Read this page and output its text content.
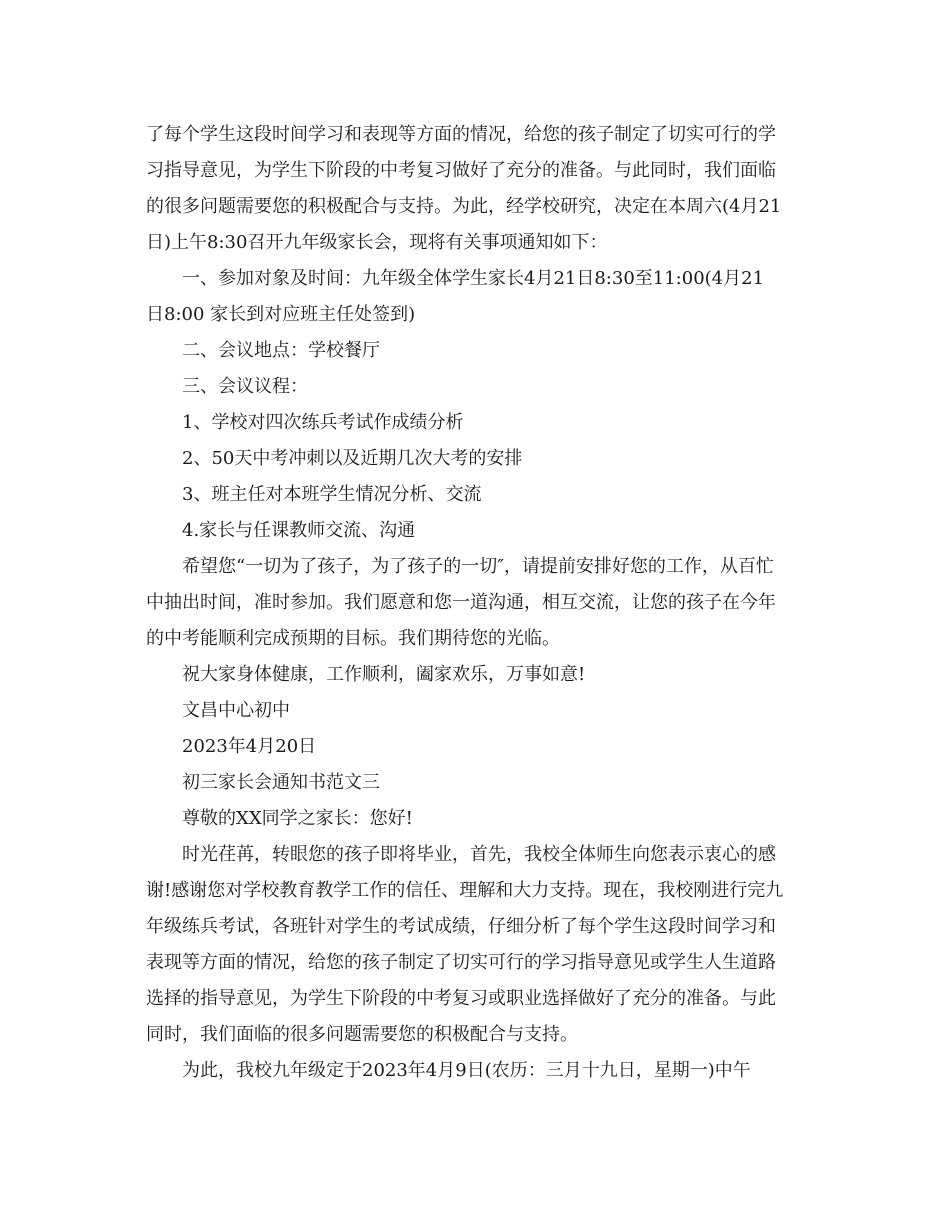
了每个学生这段时间学习和表现等方面的情况，给您的孩子制定了切实可行的学

习指导意见，为学生下阶段的中考复习做好了充分的准备。与此同时，我们面临

的很多问题需要您的积极配合与支持。为此，经学校研究，决定在本周六(4月21

日)上午8:30召开九年级家长会，现将有关事项通知如下：

一、参加对象及时间：九年级全体学生家长4月21日8:30至11:00(4月21

日8:00 家长到对应班主任处签到)

二、会议地点：学校餐厅

三、会议议程：

1、学校对四次练兵考试作成绩分析

2、50天中考冲刺以及近期几次大考的安排

3、班主任对本班学生情况分析、交流

4.家长与任课教师交流、沟通

希望您“一切为了孩子，为了孩子的一切″，请提前安排好您的工作，从百忙

中抽出时间，准时参加。我们愿意和您一道沟通，相互交流，让您的孩子在今年

的中考能顺利完成预期的目标。我们期待您的光临。

祝大家身体健康，工作顺利，阖家欢乐，万事如意!

文昌中心初中

2023年4月20日

初三家长会通知书范文三

尊敬的XX同学之家长：您好!

时光荏苒，转眼您的孩子即将毕业，首先，我校全体师生向您表示衷心的感

谢!感谢您对学校教育教学工作的信任、理解和大力支持。现在，我校刚进行完九

年级练兵考试，各班针对学生的考试成绩，仔细分析了每个学生这段时间学习和

表现等方面的情况，给您的孩子制定了切实可行的学习指导意见或学生人生道路

选择的指导意见，为学生下阶段的中考复习或职业选择做好了充分的准备。与此

同时，我们面临的很多问题需要您的积极配合与支持。

为此，我校九年级定于2023年4月9日(农历：三月十九日，星期一)中午
